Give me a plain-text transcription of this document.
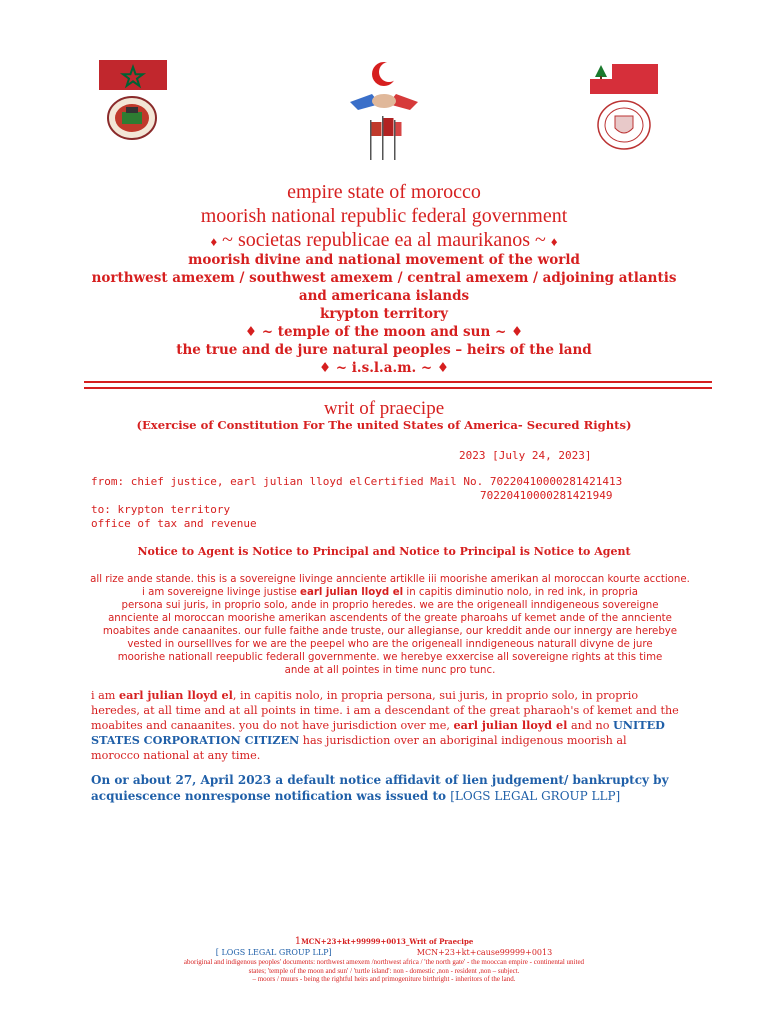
empire state of morocco
moorish national republic federal government
♦ ~ societas republicae ea al maurikanos ~ ♦
moorish divine and national movement of the world
northwest amexem / southwest amexem / central amexem / adjoining atlantis
and americana islands
krypton territory
♦ ~ temple of the moon and sun ~ ♦
the true and de jure natural peoples – heirs of the land
♦ ~ i.s.l.a.m. ~ ♦
writ of praecipe
(Exercise of Constitution For The united States of America- Secured Rights)
2023 [July 24, 2023]
from: chief justice, earl julian lloyd el Certified Mail No. 70220410000281421413
70220410000281421949
to: krypton territory
office of tax and revenue
Notice to Agent is Notice to Principal and Notice to Principal is Notice to Agent
all rize ande stande. this is a sovereigne livinge annciente artiklle iii moorishe amerikan al moroccan kourte acctione.
i am sovereigne livinge justise earl julian lloyd el in capitis diminutio nolo, in red ink, in propria
persona sui juris, in proprio solo, ande in proprio heredes. we are the origeneall inndigeneous sovereigne
annciente al moroccan moorishe amerikan ascendents of the greate pharoahs uf kemet ande of the annciente
moabites ande canaanites. our fulle faithe ande truste, our allegianse, our kreddit ande our innergy are herebye
vested in ourselllves for we are the peepel who are the origeneall inndigeneous naturall divyne de jure
moorishe nationall reepublic federall governmente. we herebye exxercise all sovereigne rights at this time
ande at all pointes in time nunc pro tunc.
i am earl julian lloyd el, in capitis nolo, in propria persona, sui juris, in proprio solo, in proprio
heredes, at all time and at all points in time. i am a descendant of the great pharaoh's of kemet and the
moabites and canaanites. you do not have jurisdiction over me, earl julian lloyd el and no UNITED
STATES CORPORATION CITIZEN has jurisdiction over an aboriginal indigenous moorish al
morocco national at any time.
On or about 27, April 2023 a default notice affidavit of lien judgement/ bankruptcy by
acquiescence nonresponse notification was issued to [LOGS LEGAL GROUP LLP]
1MCN+23+kt+99999+0013_Writ of Praecipe
[ LOGS LEGAL GROUP LLP]	MCN+23+kt+cause99999+0013
aboriginal and indigenous peoples' documents: northwest amexem /northwest africa / 'the north gate' - the mooccan empire - continental united
states; 'temple of the moon and sun' / 'turtle island': non - domestic ,non - resident ,non – subject.
– moors / muurs - being the rightful heirs and primogeniture birthright - inheritors of the land.
